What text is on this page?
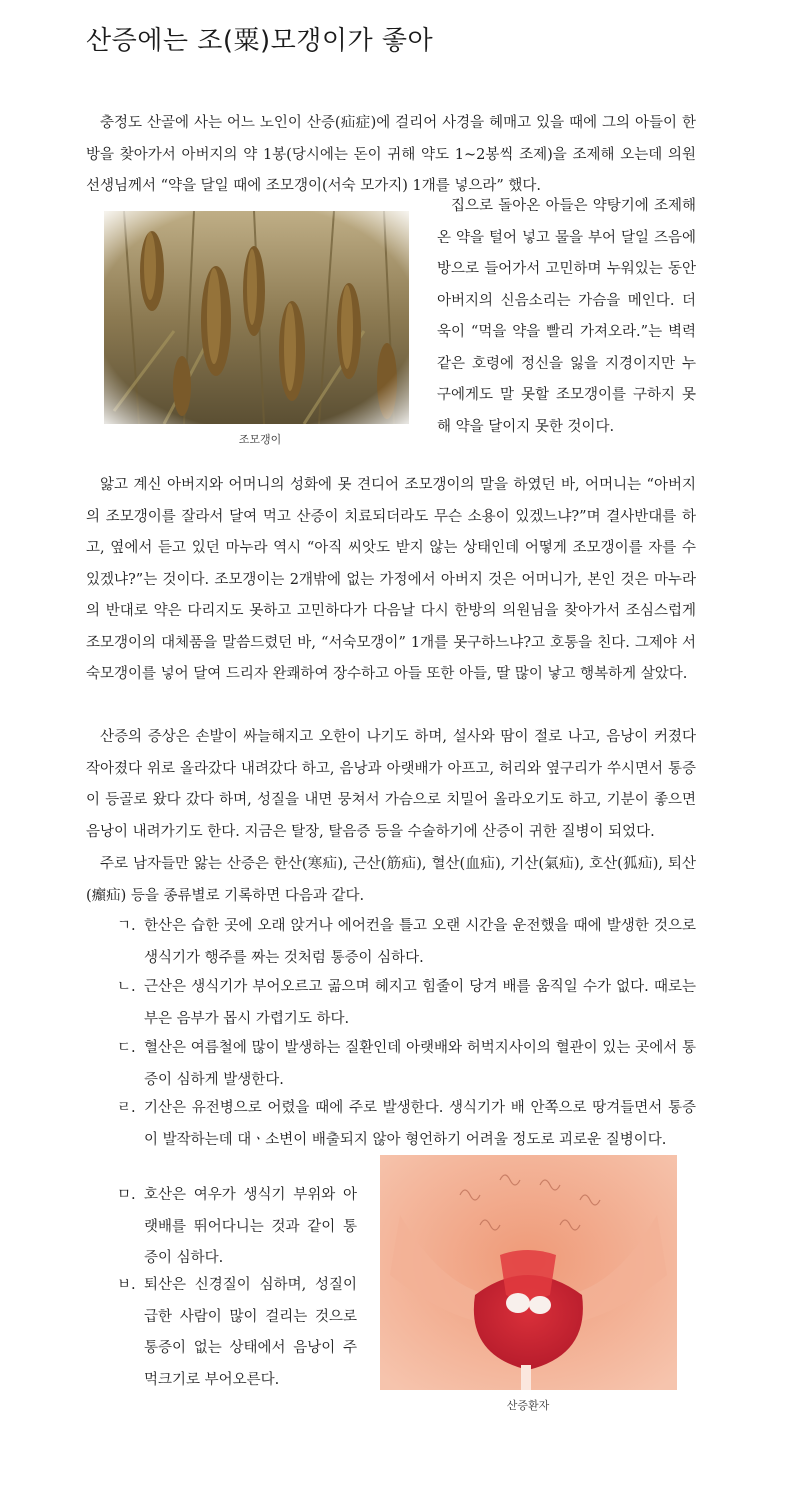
산증에는 조(粟)모갱이가 좋아

충정도 산골에 사는 어느 노인이 산증(疝症)에 걸리어 사경을 헤매고 있을 때에 그의 아들이 한방을 찾아가서 아버지의 약 1봉(당시에는 돈이 귀해 약도 1~2봉씩 조제)을 조제해 오는데 의원선생님께서 “약을 달일 때에 조모갱이(서숙 모가지) 1개를 넣으라” 했다.

조모갱이

집으로 돌아온 아들은 약탕기에 조제해온 약을 털어 넣고 물을 부어 달일 즈음에 방으로 들어가서 고민하며 누워있는 동안 아버지의 신음소리는 가슴을 메인다. 더욱이 “먹을 약을 빨리 가져오라.”는 벽력같은 호령에 정신을 잃을 지경이지만 누구에게도 말 못할 조모갱이를 구하지 못해 약을 달이지 못한 것이다.

앓고 계신 아버지와 어머니의 성화에 못 견디어 조모갱이의 말을 하였던 바, 어머니는 “아버지의 조모갱이를 잘라서 달여 먹고 산증이 치료되더라도 무슨 소용이 있겠느냐?”며 결사반대를 하고, 옆에서 듣고 있던 마누라 역시 “아직 씨앗도 받지 않는 상태인데 어떻게 조모갱이를 자를 수 있겠냐?”는 것이다. 조모갱이는 2개밖에 없는 가정에서 아버지 것은 어머니가, 본인 것은 마누라의 반대로 약은 다리지도 못하고 고민하다가 다음날 다시 한방의 의원님을 찾아가서 조심스럽게 조모갱이의 대체품을 말씀드렸던 바, “서숙모갱이” 1개를 못구하느냐?고 호통을 친다. 그제야 서숙모갱이를 넣어 달여 드리자 완쾌하여 장수하고 아들 또한 아들, 딸 많이 낳고 행복하게 살았다.

산증의 증상은 손발이 싸늘해지고 오한이 나기도 하며, 설사와 땀이 절로 나고, 음낭이 커졌다 작아졌다 위로 올라갔다 내려갔다 하고, 음낭과 아랫배가 아프고, 허리와 옆구리가 쑤시면서 통증이 등골로 왔다 갔다 하며, 성질을 내면 뭉쳐서 가슴으로 치밀어 올라오기도 하고, 기분이 좋으면 음낭이 내려가기도 한다. 지금은 탈장, 탈음증 등을 수술하기에 산증이 귀한 질병이 되었다.

주로 남자들만 앓는 산증은 한산(寒疝), 근산(筋疝), 혈산(血疝), 기산(氣疝), 호산(狐疝), 퇴산(㿗疝) 등을 종류별로 기록하면 다음과 같다.

ㄱ. 한산은 습한 곳에 오래 앉거나 에어컨을 틀고 오랜 시간을 운전했을 때에 발생한 것으로 생식기가 행주를 짜는 것처럼 통증이 심하다.
ㄴ. 근산은 생식기가 부어오르고 곪으며 헤지고 힘줄이 당겨 배를 움직일 수가 없다. 때로는 부은 음부가 몹시 가렵기도 하다.
ㄷ. 혈산은 여름철에 많이 발생하는 질환인데 아랫배와 허벅지사이의 혈관이 있는 곳에서 통증이 심하게 발생한다.
ㄹ. 기산은 유전병으로 어렸을 때에 주로 발생한다. 생식기가 배 안쪽으로 땅겨들면서 통증이 발작하는데 대ㆍ소변이 배출되지 않아 형언하기 어려울 정도로 괴로운 질병이다.
ㅁ. 호산은 여우가 생식기 부위와 아랫배를 뛰어다니는 것과 같이 통증이 심하다.
ㅂ. 퇴산은 신경질이 심하며, 성질이 급한 사람이 많이 걸리는 것으로 통증이 없는 상태에서 음낭이 주먹크기로 부어오른다.
산증환자
